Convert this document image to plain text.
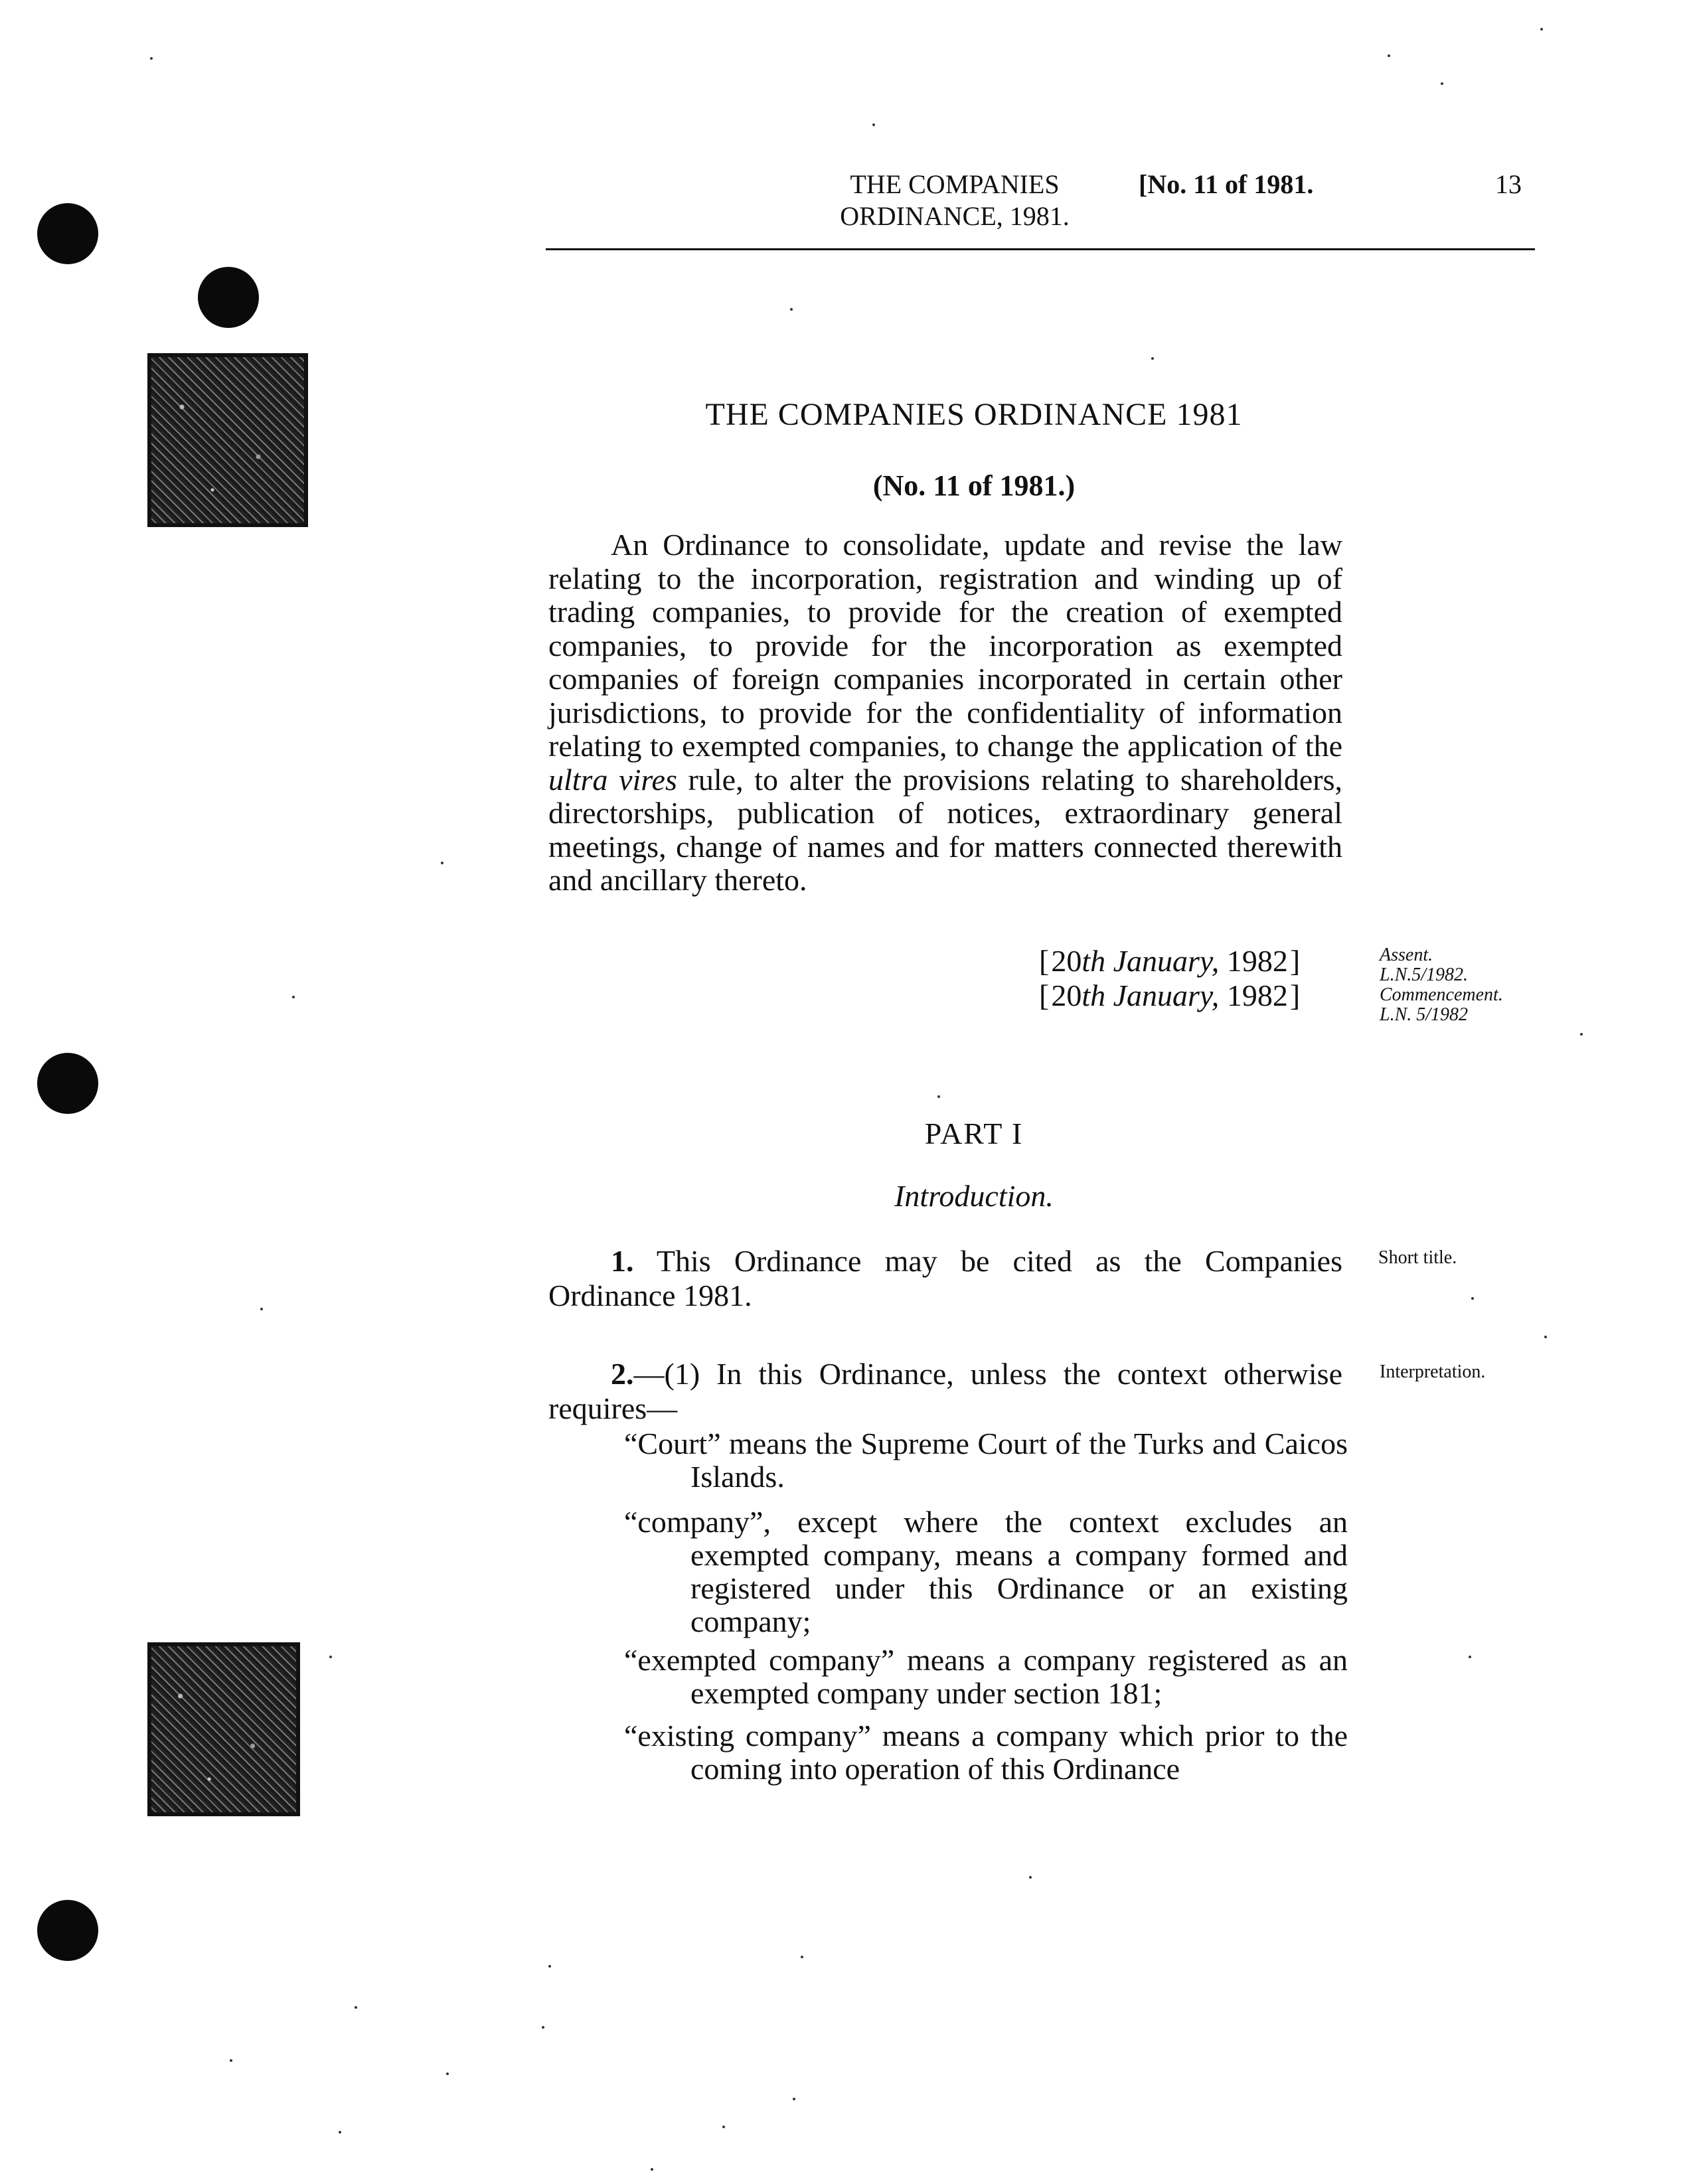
THE COMPANIES
ORDINANCE, 1981.
[No. 11 of 1981.	13
THE COMPANIES ORDINANCE 1981
(No. 11 of 1981.)
An Ordinance to consolidate, update and revise the law relating to the incorporation, registration and winding up of trading companies, to provide for the creation of exempted companies, to provide for the incorporation as exempted companies of foreign companies incorporated in certain other jurisdictions, to provide for the confidentiality of information relating to exempted companies, to change the application of the ultra vires rule, to alter the provisions relating to shareholders, directorships, publication of notices, extraordinary general meetings, change of names and for matters connected therewith and ancillary thereto.
[20th January, 1982]
[20th January, 1982]
Assent.
L.N.5/1982.
Commencement.
L.N. 5/1982
PART I
Introduction.
1. This Ordinance may be cited as the Companies Ordinance 1981.
Short title.
2.—(1) In this Ordinance, unless the context otherwise requires—
Interpretation.
“Court” means the Supreme Court of the Turks and Caicos Islands.
“company”, except where the context excludes an exempted company, means a company formed and registered under this Ordinance or an existing company;
“exempted company” means a company registered as an exempted company under section 181;
“existing company” means a company which prior to the coming into operation of this Ordinance
